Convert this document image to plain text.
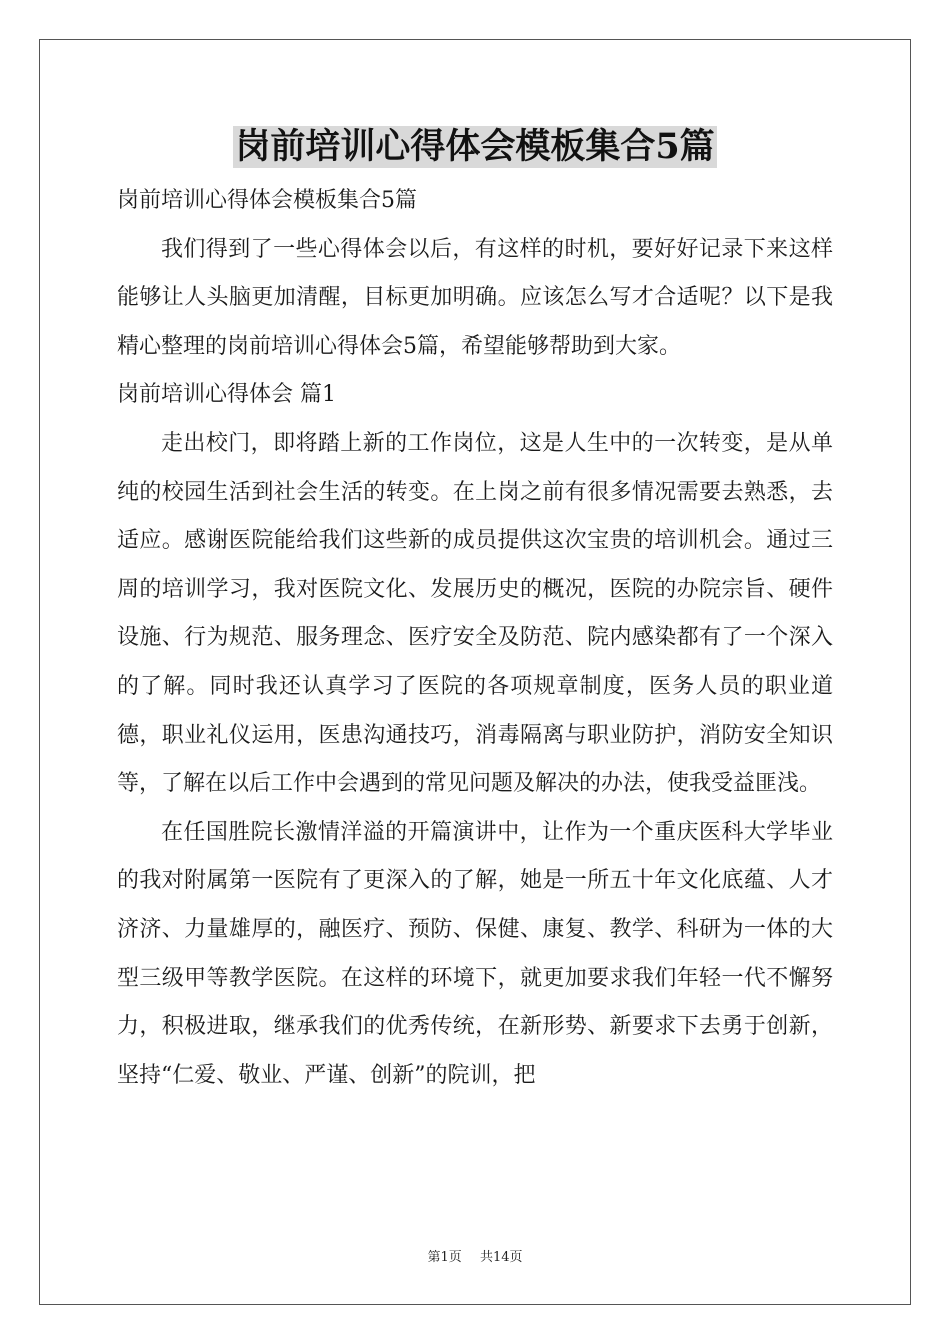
岗前培训心得体会模板集合5篇
岗前培训心得体会模板集合5篇

我们得到了一些心得体会以后，有这样的时机，要好好记录下来这样能够让人头脑更加清醒，目标更加明确。应该怎么写才合适呢？以下是我精心整理的岗前培训心得体会5篇，希望能够帮助到大家。

岗前培训心得体会 篇1

走出校门，即将踏上新的工作岗位，这是人生中的一次转变，是从单纯的校园生活到社会生活的转变。在上岗之前有很多情况需要去熟悉，去适应。感谢医院能给我们这些新的成员提供这次宝贵的培训机会。通过三周的培训学习，我对医院文化、发展历史的概况，医院的办院宗旨、硬件设施、行为规范、服务理念、医疗安全及防范、院内感染都有了一个深入的了解。同时我还认真学习了医院的各项规章制度，医务人员的职业道德，职业礼仪运用，医患沟通技巧，消毒隔离与职业防护，消防安全知识等，了解在以后工作中会遇到的常见问题及解决的办法，使我受益匪浅。

在任国胜院长激情洋溢的开篇演讲中，让作为一个重庆医科大学毕业的我对附属第一医院有了更深入的了解，她是一所五十年文化底蕴、人才济济、力量雄厚的，融医疗、预防、保健、康复、教学、科研为一体的大型三级甲等教学医院。在这样的环境下，就更加要求我们年轻一代不懈努力，积极进取，继承我们的优秀传统，在新形势、新要求下去勇于创新，坚持“仁爱、敬业、严谨、创新”的院训，把

第1页 共14页
